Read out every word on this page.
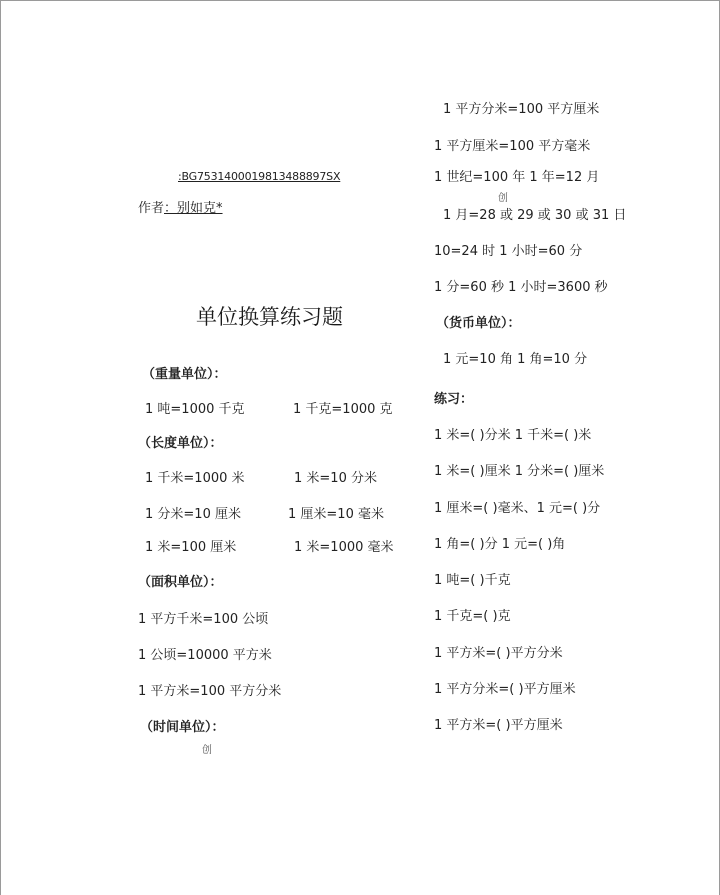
:BG7531400019813488897SX
作者：别如克*
单位换算练习题
（重量单位）：
1 吨=1000 千克	1 千克=1000 克
（长度单位）：
1 千米=1000 米	1 米=10 分米
1 分米=10 厘米	1 厘米=10 毫米
1 米=100 厘米	1 米=1000 毫米
（面积单位）：
1 平方千米=100 公顷
1 公顷=10000 平方米
1 平方米=100 平方分米
（时间单位）：
创
1 平方分米=100 平方厘米
1 平方厘米=100 平方毫米
1 世纪=100 年 1 年=12 月
创
1 月=28 或 29 或 30 或 31 日
10=24 时 1 小时=60 分
1 分=60 秒 1 小时=3600 秒
（货币单位）：
1 元=10 角 1 角=10 分
练习：
1 米=( )分米 1 千米=( )米
1 米=( )厘米 1 分米=( )厘米
1 厘米=( )毫米、1 元=( )分
1 角=( )分 1 元=( )角
1 吨=( )千克
1 千克=( )克
1 平方米=( )平方分米
1 平方分米=( )平方厘米
1 平方米=( )平方厘米
